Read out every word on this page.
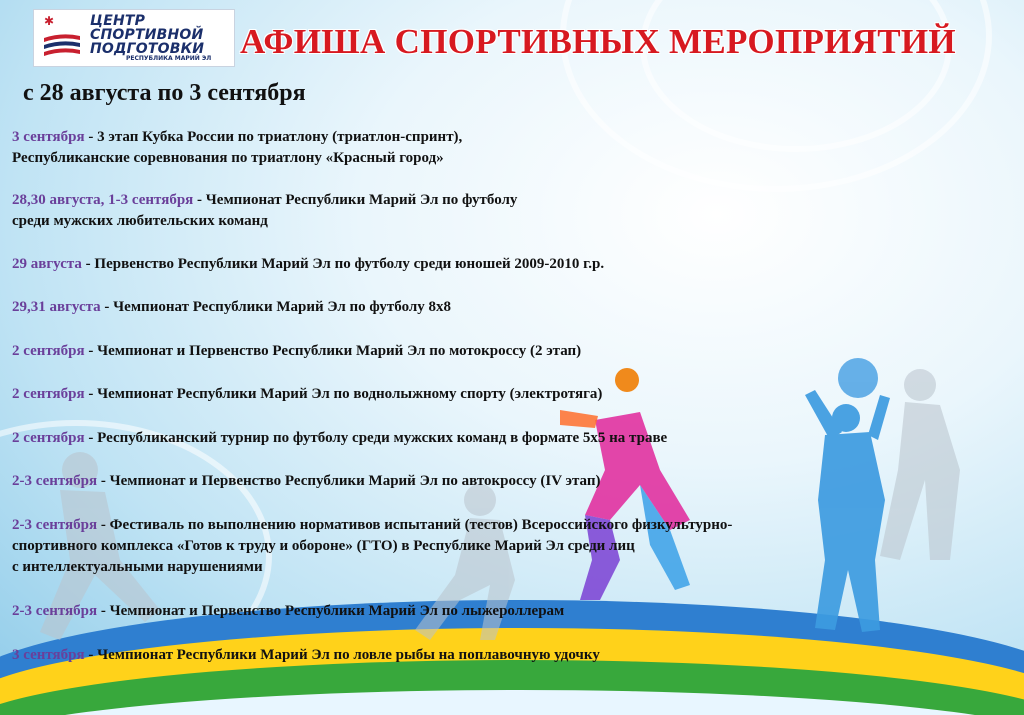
✱	ЦЕНТР
СПОРТИВНОЙ
ПОДГОТОВКИ
РЕСПУБЛИКА МАРИЙ ЭЛ АФИША СПОРТИВНЫХ МЕРОПРИЯТИЙ
с 28 августа по 3 сентября
3 сентября - 3 этап Кубка России по триатлону (триатлон-спринт),
Республиканские соревнования по триатлону «Красный город»
28,30 августа, 1-3 сентября - Чемпионат Республики Марий Эл по футболу
среди мужских любительских команд
29 августа - Первенство Республики Марий Эл по футболу среди юношей 2009-2010 г.р.
29,31 августа - Чемпионат Республики Марий Эл по футболу 8х8
2 сентября - Чемпионат и Первенство Республики Марий Эл по мотокроссу (2 этап)
2 сентября - Чемпионат Республики Марий Эл по воднолыжному спорту (электротяга)
2 сентября - Республиканский турнир по футболу среди мужских команд в формате 5х5 на траве
2-3 сентября - Чемпионат и Первенство Республики Марий Эл по автокроссу (IV этап)
2-3 сентября - Фестиваль по выполнению нормативов испытаний (тестов) Всероссийского физкультурно-
спортивного комплекса «Готов к труду и обороне» (ГТО) в Республике Марий Эл среди лиц
с интеллектуальными нарушениями
2-3 сентября - Чемпионат и Первенство Республики Марий Эл по лыжероллерам
3 сентября - Чемпионат Республики Марий Эл по ловле рыбы на поплавочную удочку
